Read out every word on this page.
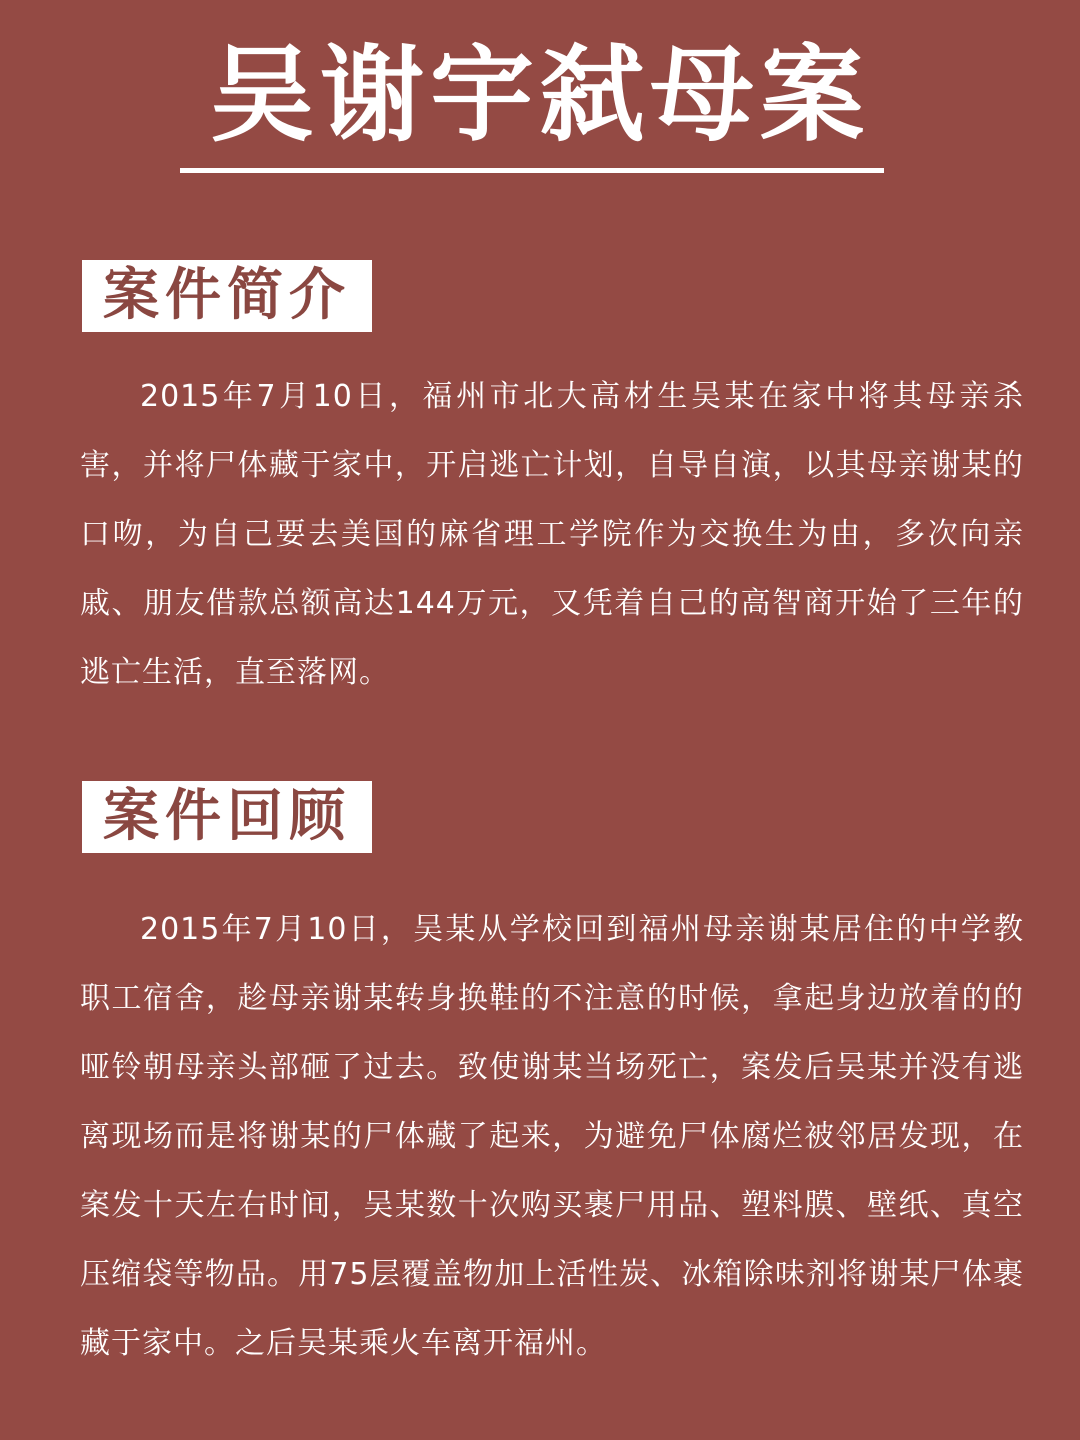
吴谢宇弑母案
案件简介

2015年7月10日，福州市北大高材生吴某在家中将其母亲杀害，并将尸体藏于家中，开启逃亡计划，自导自演，以其母亲谢某的口吻，为自己要去美国的麻省理工学院作为交换生为由，多次向亲戚、朋友借款总额高达144万元，又凭着自己的高智商开始了三年的逃亡生活，直至落网。

案件回顾

2015年7月10日，吴某从学校回到福州母亲谢某居住的中学教职工宿舍，趁母亲谢某转身换鞋的不注意的时候，拿起身边放着的的哑铃朝母亲头部砸了过去。致使谢某当场死亡，案发后吴某并没有逃离现场而是将谢某的尸体藏了起来，为避免尸体腐烂被邻居发现，在案发十天左右时间，吴某数十次购买裹尸用品、塑料膜、壁纸、真空压缩袋等物品。用75层覆盖物加上活性炭、冰箱除味剂将谢某尸体裹藏于家中。之后吴某乘火车离开福州。
